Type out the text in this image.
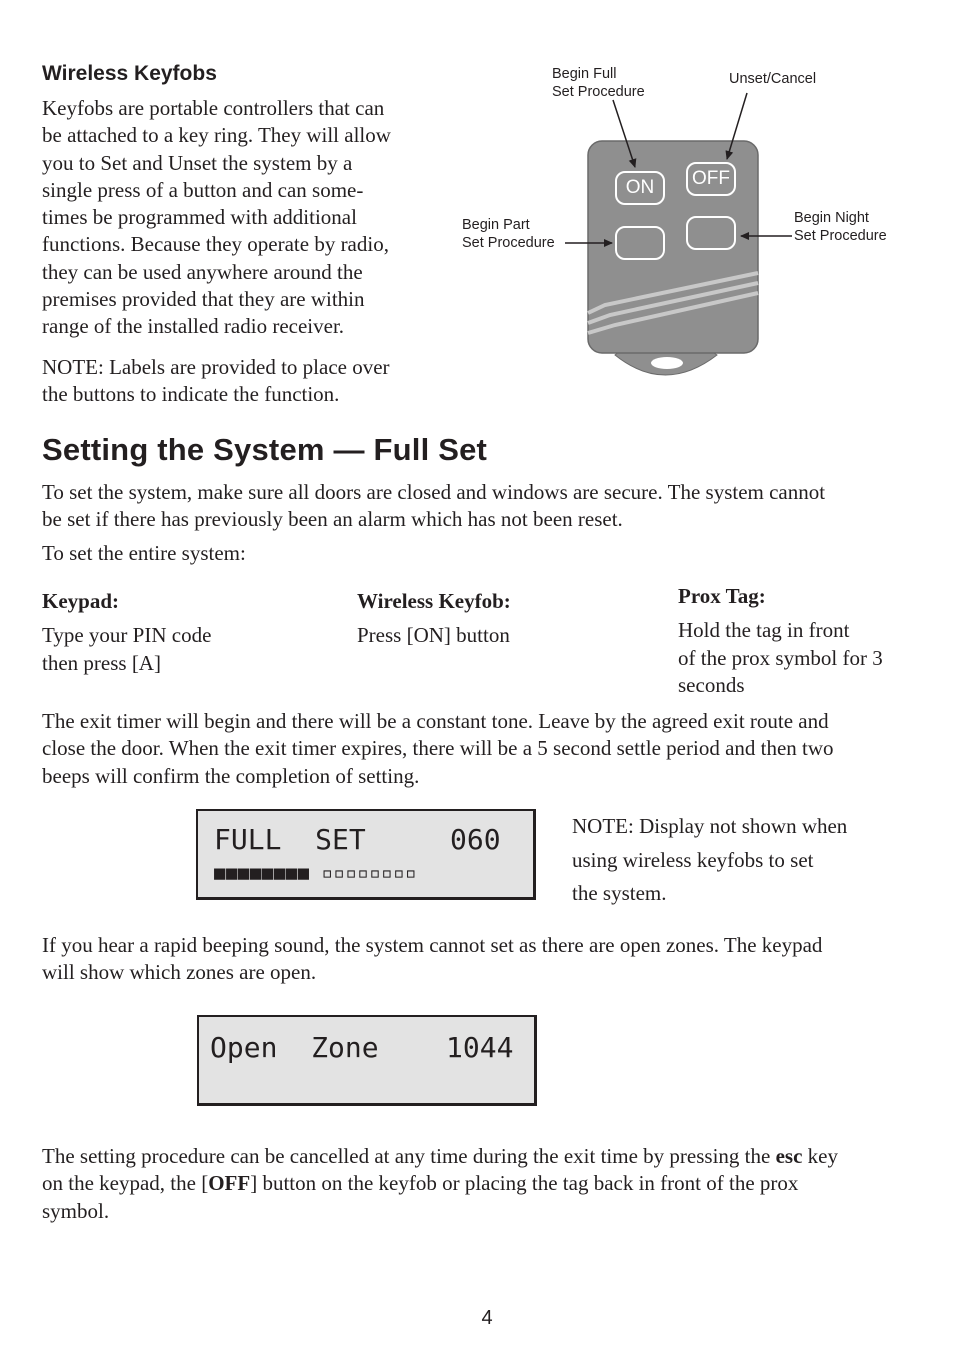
Wireless Keyfobs
Keyfobs are portable controllers that can
be attached to a key ring. They will allow
you to Set and Unset the system by a
single press of a button and can some-
times be programmed with additional
functions. Because they operate by radio,
they can be used anywhere around the
premises provided that they are within
range of the installed radio receiver.
NOTE: Labels are provided to place over
the buttons to indicate the function.
ON	OFF
Begin Full
Set Procedure
Unset/Cancel
Begin Part
Set Procedure
Begin Night
Set Procedure
Setting the System — Full Set
To set the system, make sure all doors are closed and windows are secure. The system cannot
be set if there has previously been an alarm which has not been reset.
To set the entire system:
Keypad:
Type your PIN code
then press [A]
Wireless Keyfob:
Press [ON] button
Prox Tag:
Hold the tag in front
of the prox symbol for 3
seconds
The exit timer will begin and there will be a constant tone. Leave by the agreed exit route and
close the door. When the exit timer expires, there will be a 5 second settle period and then two
beeps will confirm the completion of setting.
FULL  SET     060
■■■■■■■■ ▫▫▫▫▫▫▫▫
NOTE: Display not shown when
using wireless keyfobs to set
the system.
If you hear a rapid beeping sound, the system cannot set as there are open zones. The keypad
will show which zones are open.
Open  Zone    1044
The setting procedure can be cancelled at any time during the exit time by pressing the esc key
on the keypad, the [OFF] button on the keyfob or placing the tag back in front of the prox
symbol.
4
